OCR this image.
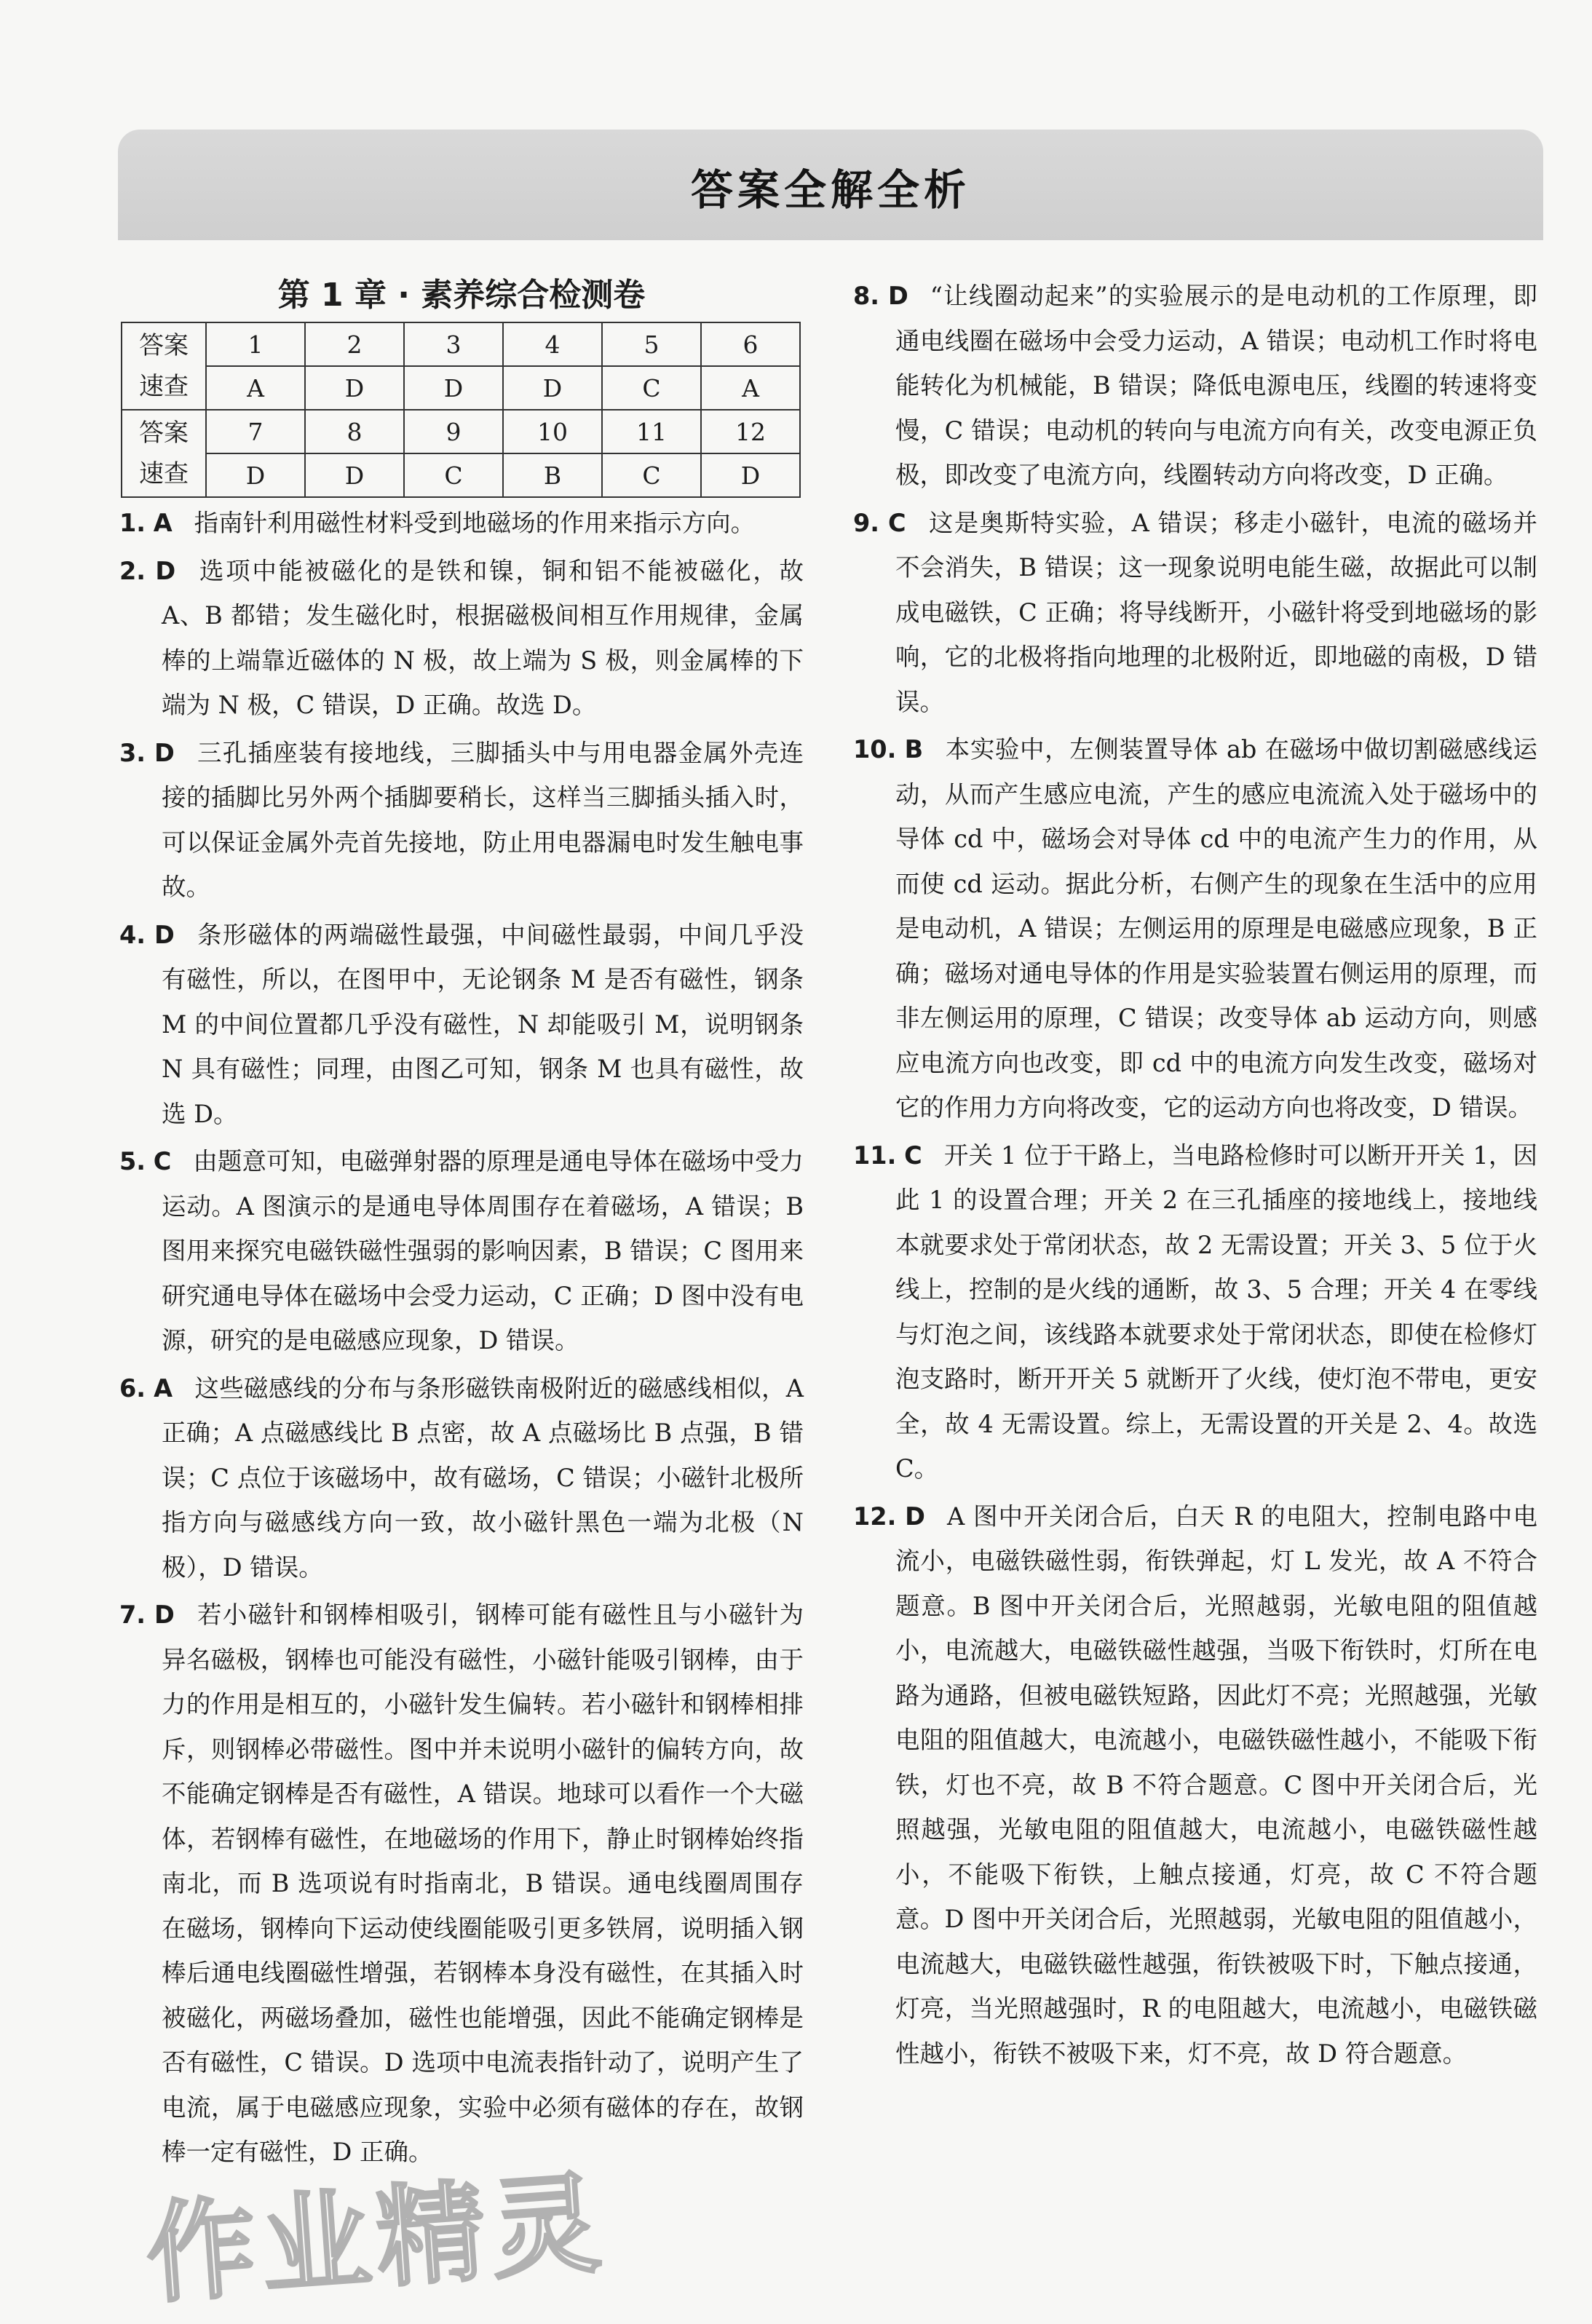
答案全解全析
第 1 章 · 素养综合检测卷
答案
速查	1	2	3	4	5	6
	A	D	D	D	C	A
答案
速查	7	8	9	10	11	12
	D	D	C	B	C	D
1. A 指南针利用磁性材料受到地磁场的作用来指示方向。
2. D 选项中能被磁化的是铁和镍，铜和铝不能被磁化，故 A、B 都错；发生磁化时，根据磁极间相互作用规律，金属棒的上端靠近磁体的 N 极，故上端为 S 极，则金属棒的下端为 N 极，C 错误，D 正确。故选 D。
3. D 三孔插座装有接地线，三脚插头中与用电器金属外壳连接的插脚比另外两个插脚要稍长，这样当三脚插头插入时，可以保证金属外壳首先接地，防止用电器漏电时发生触电事故。
4. D 条形磁体的两端磁性最强，中间磁性最弱，中间几乎没有磁性，所以，在图甲中，无论钢条 M 是否有磁性，钢条 M 的中间位置都几乎没有磁性，N 却能吸引 M，说明钢条 N 具有磁性；同理，由图乙可知，钢条 M 也具有磁性，故选 D。
5. C 由题意可知，电磁弹射器的原理是通电导体在磁场中受力运动。A 图演示的是通电导体周围存在着磁场，A 错误；B 图用来探究电磁铁磁性强弱的影响因素，B 错误；C 图用来研究通电导体在磁场中会受力运动，C 正确；D 图中没有电源，研究的是电磁感应现象，D 错误。
6. A 这些磁感线的分布与条形磁铁南极附近的磁感线相似，A 正确；A 点磁感线比 B 点密，故 A 点磁场比 B 点强，B 错误；C 点位于该磁场中，故有磁场，C 错误；小磁针北极所指方向与磁感线方向一致，故小磁针黑色一端为北极（N 极），D 错误。
7. D 若小磁针和钢棒相吸引，钢棒可能有磁性且与小磁针为异名磁极，钢棒也可能没有磁性，小磁针能吸引钢棒，由于力的作用是相互的，小磁针发生偏转。若小磁针和钢棒相排斥，则钢棒必带磁性。图中并未说明小磁针的偏转方向，故不能确定钢棒是否有磁性，A 错误。地球可以看作一个大磁体，若钢棒有磁性，在地磁场的作用下，静止时钢棒始终指南北，而 B 选项说有时指南北，B 错误。通电线圈周围存在磁场，钢棒向下运动使线圈能吸引更多铁屑，说明插入钢棒后通电线圈磁性增强，若钢棒本身没有磁性，在其插入时被磁化，两磁场叠加，磁性也能增强，因此不能确定钢棒是否有磁性，C 错误。D 选项中电流表指针动了，说明产生了电流，属于电磁感应现象，实验中必须有磁体的存在，故钢棒一定有磁性，D 正确。
8. D “让线圈动起来”的实验展示的是电动机的工作原理，即通电线圈在磁场中会受力运动，A 错误；电动机工作时将电能转化为机械能，B 错误；降低电源电压，线圈的转速将变慢，C 错误；电动机的转向与电流方向有关，改变电源正负极，即改变了电流方向，线圈转动方向将改变，D 正确。
9. C 这是奥斯特实验，A 错误；移走小磁针，电流的磁场并不会消失，B 错误；这一现象说明电能生磁，故据此可以制成电磁铁，C 正确；将导线断开，小磁针将受到地磁场的影响，它的北极将指向地理的北极附近，即地磁的南极，D 错误。
10. B 本实验中，左侧装置导体 ab 在磁场中做切割磁感线运动，从而产生感应电流，产生的感应电流流入处于磁场中的导体 cd 中，磁场会对导体 cd 中的电流产生力的作用，从而使 cd 运动。据此分析，右侧产生的现象在生活中的应用是电动机，A 错误；左侧运用的原理是电磁感应现象，B 正确；磁场对通电导体的作用是实验装置右侧运用的原理，而非左侧运用的原理，C 错误；改变导体 ab 运动方向，则感应电流方向也改变，即 cd 中的电流方向发生改变，磁场对它的作用力方向将改变，它的运动方向也将改变，D 错误。
11. C 开关 1 位于干路上，当电路检修时可以断开开关 1，因此 1 的设置合理；开关 2 在三孔插座的接地线上，接地线本就要求处于常闭状态，故 2 无需设置；开关 3、5 位于火线上，控制的是火线的通断，故 3、5 合理；开关 4 在零线与灯泡之间，该线路本就要求处于常闭状态，即使在检修灯泡支路时，断开开关 5 就断开了火线，使灯泡不带电，更安全，故 4 无需设置。综上，无需设置的开关是 2、4。故选 C。
12. D A 图中开关闭合后，白天 R 的电阻大，控制电路中电流小，电磁铁磁性弱，衔铁弹起，灯 L 发光，故 A 不符合题意。B 图中开关闭合后，光照越弱，光敏电阻的阻值越小，电流越大，电磁铁磁性越强，当吸下衔铁时，灯所在电路为通路，但被电磁铁短路，因此灯不亮；光照越强，光敏电阻的阻值越大，电流越小，电磁铁磁性越小，不能吸下衔铁，灯也不亮，故 B 不符合题意。C 图中开关闭合后，光照越强，光敏电阻的阻值越大，电流越小，电磁铁磁性越小，不能吸下衔铁，上触点接通，灯亮，故 C 不符合题意。D 图中开关闭合后，光照越弱，光敏电阻的阻值越小，电流越大，电磁铁磁性越强，衔铁被吸下时，下触点接通，灯亮，当光照越强时，R 的电阻越大，电流越小，电磁铁磁性越小，衔铁不被吸下来，灯不亮，故 D 符合题意。
作业精灵
